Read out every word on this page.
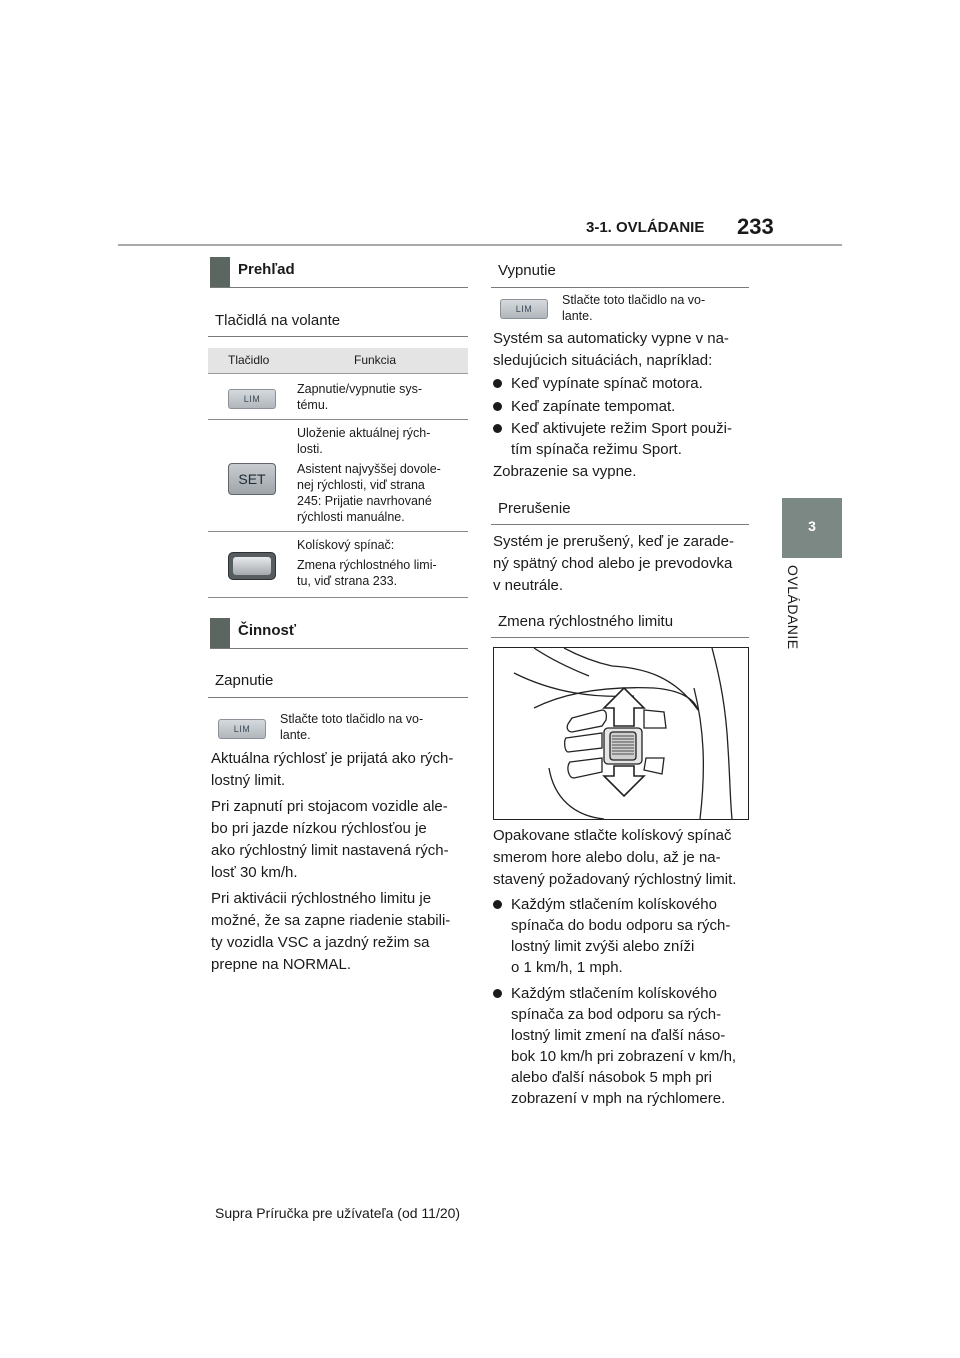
3-1. OVLÁDANIE 233
3
OVLÁDANIE
Prehľad
Tlačidlá na volante
Tlačidlo	Funkcia
LIM
Zapnutie/vypnutie sys-
tému.
SET
Uloženie aktuálnej rých-
losti.
Asistent najvyššej dovole-
nej rýchlosti, viď strana
245: Prijatie navrhované
rýchlosti manuálne.
Kolískový spínač:
Zmena rýchlostného limi-
tu, viď strana 233.
Činnosť
Zapnutie
LIM
Stlačte toto tlačidlo na vo-
lante.
Aktuálna rýchlosť je prijatá ako rých-
lostný limit.
Pri zapnutí pri stojacom vozidle ale-
bo pri jazde nízkou rýchlosťou je
ako rýchlostný limit nastavená rých-
losť 30 km/h.
Pri aktivácii rýchlostného limitu je
možné, že sa zapne riadenie stabili-
ty vozidla VSC a jazdný režim sa
prepne na NORMAL.
Vypnutie
LIM
Stlačte toto tlačidlo na vo-
lante.
Systém sa automaticky vypne v na-
sledujúcich situáciách, napríklad:
Keď vypínate spínač motora.
Keď zapínate tempomat.
Keď aktivujete režim Sport použi-
tím spínača režimu Sport.
Zobrazenie sa vypne.
Prerušenie
Systém je prerušený, keď je zarade-
ný spätný chod alebo je prevodovka
v neutrále.
Zmena rýchlostného limitu
Opakovane stlačte kolískový spínač
smerom hore alebo dolu, až je na-
stavený požadovaný rýchlostný limit.
Každým stlačením kolískového
spínača do bodu odporu sa rých-
lostný limit zvýši alebo zníži
o 1 km/h, 1 mph.
Každým stlačením kolískového
spínača za bod odporu sa rých-
lostný limit zmení na ďalší náso-
bok 10 km/h pri zobrazení v km/h,
alebo ďalší násobok 5 mph pri
zobrazení v mph na rýchlomere.
Supra Príručka pre užívateľa (od 11/20)
